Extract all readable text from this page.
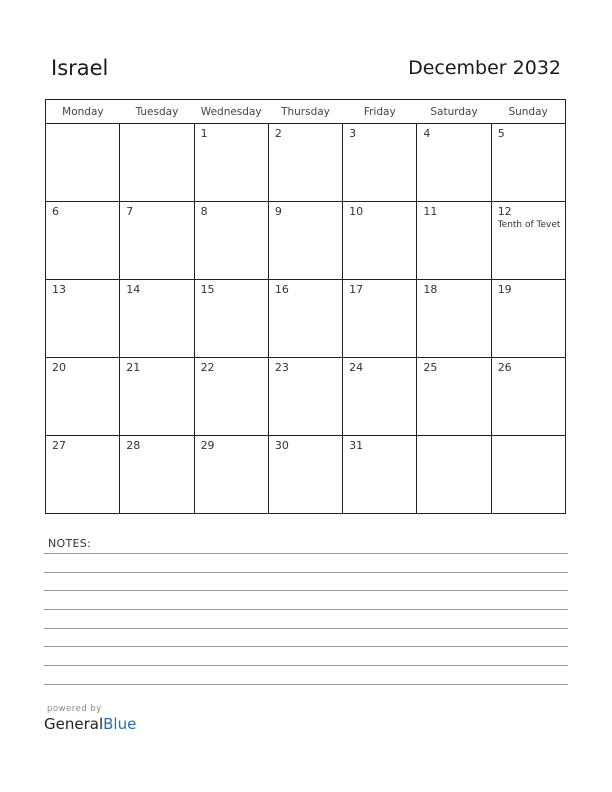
Israel	December 2032
Monday	Tuesday	Wednesday	Thursday	Friday	Saturday	Sunday

		1	2	3	4	5

6	7	8	9	10	11	12
Tenth of Tevet

13	14	15	16	17	18	19

20	21	22	23	24	25	26

27	28	29	30	31		

NOTES:
powered by
GeneralBlue
